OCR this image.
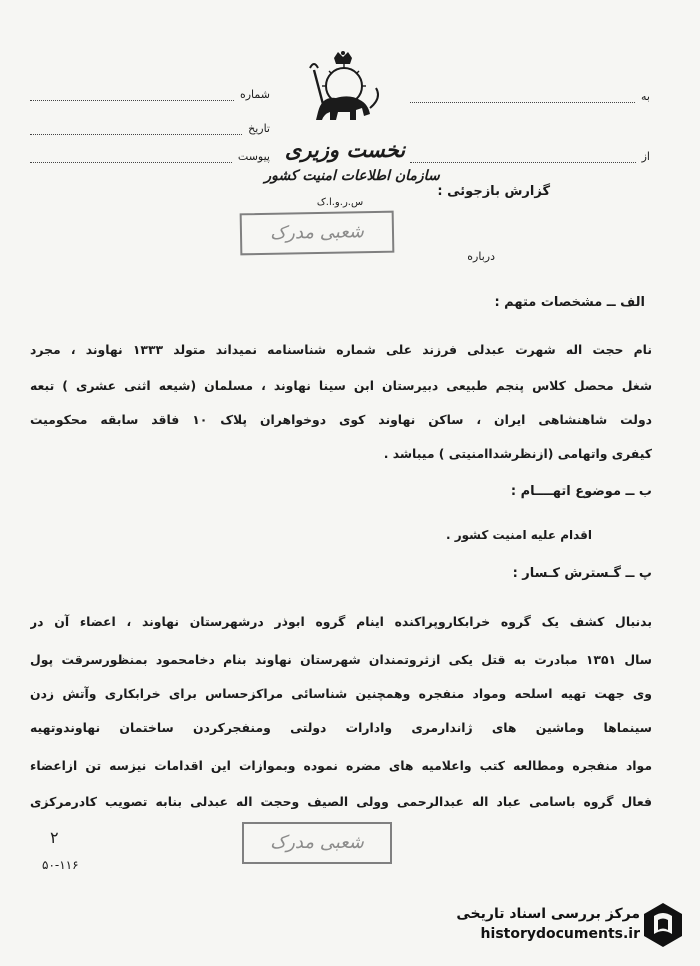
شماره
تاریخ
پیوست
به
از
نخست وزیری
سازمان اطلاعات امنیت کشور
س.ر.و.ا.ک
شعبی مدرک
گزارش بازجوئی :
درباره
الف ــ مشخصات متهم :
نام حجت اله شهرت عبدلی فرزند علی شماره شناسنامه نمیداند متولد ۱۳۳۳ نهاوند ، مجرد
شغل محصل کلاس پنجم طبیعی دبیرستان ابن سینا نهاوند ، مسلمان (شیعه اثنی عشری ) تبعه
دولت شاهنشاهی ایران ، ساکن نهاوند کوی دوخواهران پلاک ۱۰ فاقد سابقه محکومیت
کیفری واتهامی (ازنظرشداامنیتی ) میباشد .
ب ــ موضوع اتهــــام :
اقدام علیه امنیت کشور .
پ ــ گـسترش کـسار :
بدنبال کشف یک گروه خرابکاروپراکنده اینام گروه ابوذر درشهرستان نهاوند ، اعضاء آن در
سال ۱۳۵۱ مبادرت به قتل یکی ازثروتمندان شهرستان نهاوند بنام دخامحمود بمنظورسرقت پول
وی جهت تهیه اسلحه ومواد منفجره وهمچنین شناسائی مراکزحساس برای خرابکاری وآتش زدن
سینماها وماشین های ژاندارمری وادارات دولتی ومنفجرکردن ساختمان نهاوندوتهیه
مواد منفجره ومطالعه کتب واعلامیه های مضره نموده وبموازات این اقدامات نیزسه تن ازاعضاء
فعال گروه باسامی عباد اله عبدالرحمی وولی الصیف وحجت اله عبدلی بنابه تصویب کادرمرکزی
شعبی مدرک
۲
۵۰-۱۱۶
مرکز بررسی اسناد تاریخی
historydocuments.ir
